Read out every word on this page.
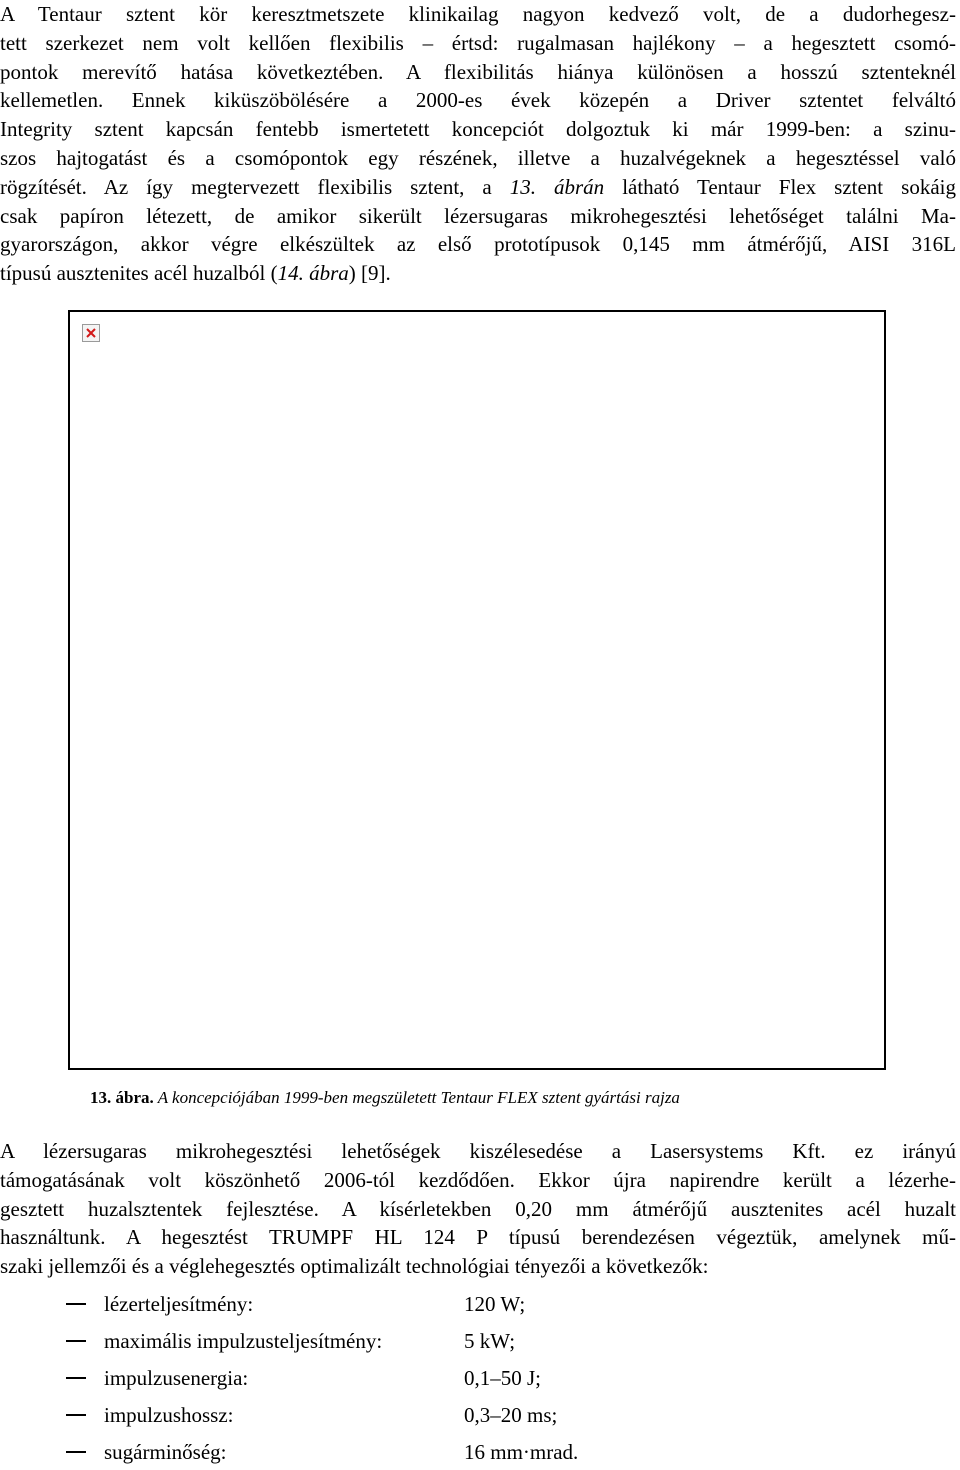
A Tentaur sztent kör keresztmetszete klinikailag nagyon kedvező volt, de a dudorhegesz-
tett szerkezet nem volt kellően flexibilis – értsd: rugalmasan hajlékony – a hegesztett csomó-
pontok merevítő hatása következtében. A flexibilitás hiánya különösen a hosszú sztenteknél
kellemetlen. Ennek kiküszöbölésére a 2000-es évek közepén a Driver sztentet felváltó
Integrity sztent kapcsán fentebb ismertetett koncepciót dolgoztuk ki már 1999-ben: a szinu-
szos hajtogatást és a csomópontok egy részének, illetve a huzalvégeknek a hegesztéssel való
rögzítését. Az így megtervezett flexibilis sztent, a 13. ábrán látható Tentaur Flex sztent sokáig
csak papíron létezett, de amikor sikerült lézersugaras mikrohegesztési lehetőséget találni Ma-
gyarországon, akkor végre elkészültek az első prototípusok 0,145 mm átmérőjű, AISI 316L
típusú ausztenites acél huzalból (14. ábra) [9].

13. ábra. A koncepciójában 1999-ben megszületett Tentaur FLEX sztent gyártási rajza

A lézersugaras mikrohegesztési lehetőségek kiszélesedése a Lasersystems Kft. ez irányú
támogatásának volt köszönhető 2006-tól kezdődően. Ekkor újra napirendre került a lézerhe-
gesztett huzalsztentek fejlesztése. A kísérletekben 0,20 mm átmérőjű ausztenites acél huzalt
használtunk. A hegesztést TRUMPF HL 124 P típusú berendezésen végeztük, amelynek mű-
szaki jellemzői és a véglehegesztés optimalizált technológiai tényezői a következők:

lézerteljesítmény:	120 W;
maximális impulzusteljesítmény:	5 kW;
impulzusenergia:	0,1–50 J;
impulzushossz:	0,3–20 ms;
sugárminőség:	16 mm·mrad.
